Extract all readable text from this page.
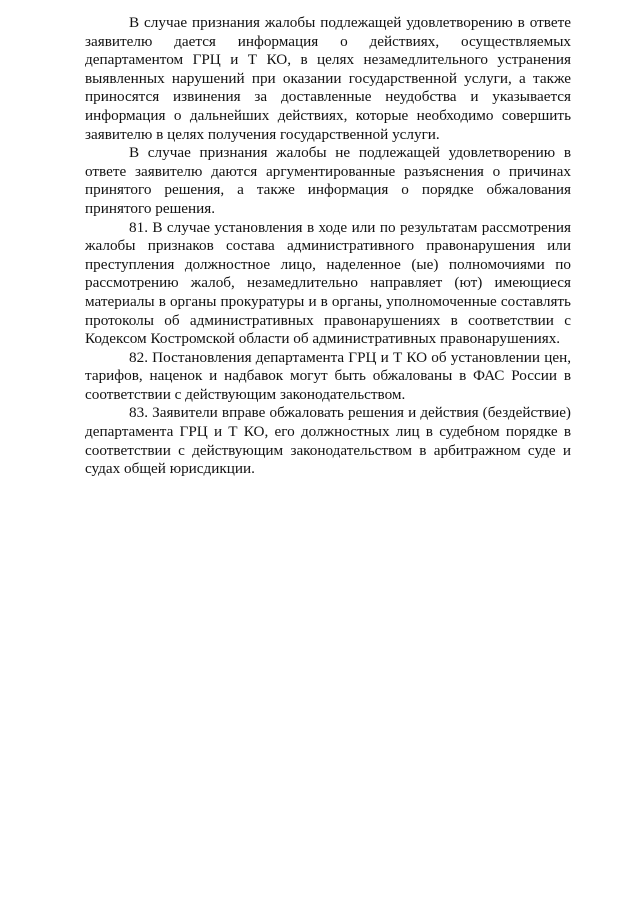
В случае признания жалобы подлежащей удовлетворению в ответе заявителю дается информация о действиях, осуществляемых департаментом ГРЦ и Т КО, в целях незамедлительного устранения выявленных нарушений при оказании государственной услуги, а также приносятся извинения за доставленные неудобства и указывается информация о дальнейших действиях, которые необходимо совершить заявителю в целях получения государственной услуги.

В случае признания жалобы не подлежащей удовлетворению в ответе заявителю даются аргументированные разъяснения о причинах принятого решения, а также информация о порядке обжалования принятого решения.

81. В случае установления в ходе или по результатам рассмотрения жалобы признаков состава административного правонарушения или преступления должностное лицо, наделенное (ые) полномочиями по рассмотрению жалоб, незамедлительно направляет (ют) имеющиеся материалы в органы прокуратуры и в органы, уполномоченные составлять протоколы об административных правонарушениях в соответствии с Кодексом Костромской области об административных правонарушениях.

82. Постановления департамента ГРЦ и Т КО об установлении цен, тарифов, наценок и надбавок могут быть обжалованы в ФАС России в соответствии с действующим законодательством.

83. Заявители вправе обжаловать решения и действия (бездействие) департамента ГРЦ и Т КО, его должностных лиц в судебном порядке в соответствии с действующим законодательством в арбитражном суде и судах общей юрисдикции.
